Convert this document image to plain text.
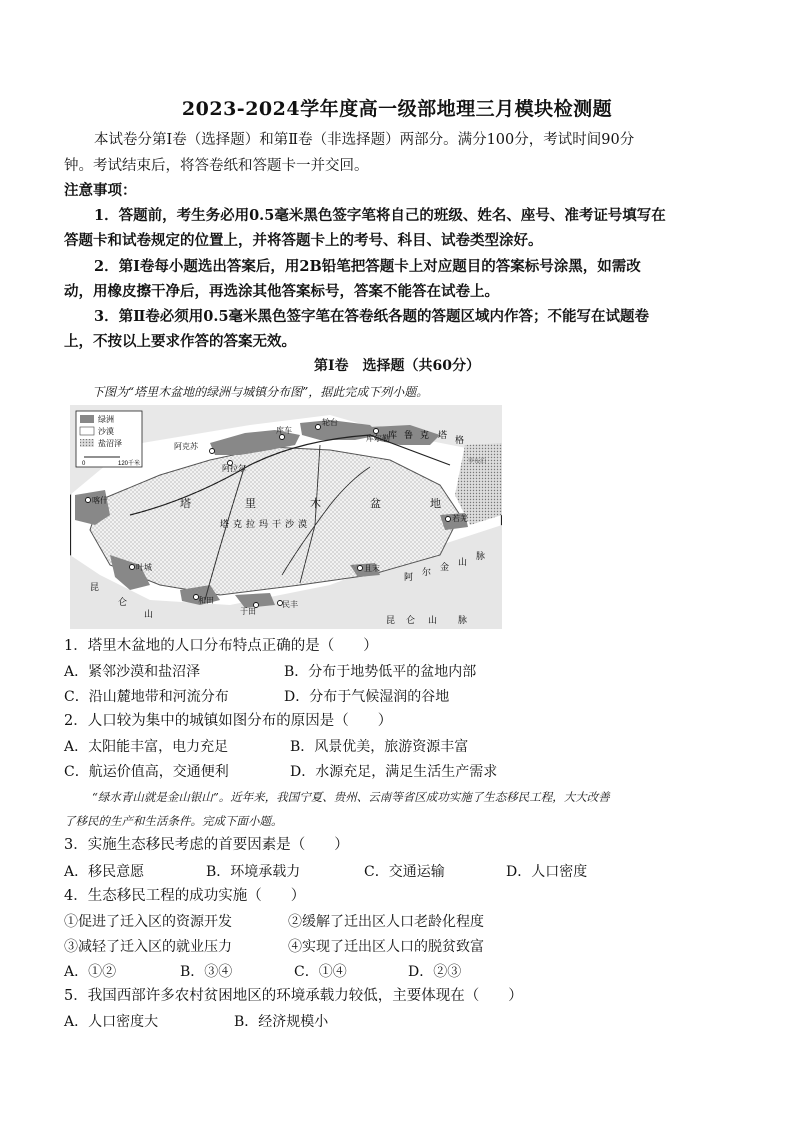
2023-2024学年度高一级部地理三月模块检测题
本试卷分第Ⅰ卷（选择题）和第Ⅱ卷（非选择题）两部分。满分100分，考试时间90分
钟。考试结束后，将答卷纸和答题卡一并交回。
注意事项：
1．答题前，考生务必用0.5毫米黑色签字笔将自己的班级、姓名、座号、准考证号填写在
答题卡和试卷规定的位置上，并将答题卡上的考号、科目、试卷类型涂好。
2．第Ⅰ卷每小题选出答案后，用2B铅笔把答题卡上对应题目的答案标号涂黑，如需改
动，用橡皮擦干净后，再选涂其他答案标号，答案不能答在试卷上。
3．第Ⅱ卷必须用0.5毫米黑色签字笔在答卷纸各题的答题区域内作答；不能写在试题卷
上，不按以上要求作答的答案无效。
第Ⅰ卷　选择题（共60分）
下图为“塔里木盆地的绿洲与城镇分布图”，据此完成下列小题。
绿洲
沙漠
盐沼泽
0	120千米
阿克苏
库车
轮台
库尔勒
阿拉尔
喀什
叶城
和田
于田
民丰
且末
若羌
罗布泊
塔	里	木	盆	地
塔克拉玛干沙漠
库 鲁 克 塔 格
昆 仑 山 脉
昆
仑
山
阿 尔 金 山
脉
1．塔里木盆地的人口分布特点正确的是（　　）
A．紧邻沙漠和盐沼泽	B．分布于地势低平的盆地内部
C．沿山麓地带和河流分布	D．分布于气候湿润的谷地
2．人口较为集中的城镇如图分布的原因是（　　）
A．太阳能丰富，电力充足	B．风景优美，旅游资源丰富
C．航运价值高，交通便利	D．水源充足，满足生活生产需求
“绿水青山就是金山银山”。近年来，我国宁夏、贵州、云南等省区成功实施了生态移民工程，大大改善
了移民的生产和生活条件。完成下面小题。
3．实施生态移民考虑的首要因素是（　　）
A．移民意愿	B．环境承载力	C．交通运输	D．人口密度
4．生态移民工程的成功实施（　　）
①促进了迁入区的资源开发	②缓解了迁出区人口老龄化程度
③减轻了迁入区的就业压力	④实现了迁出区人口的脱贫致富
A．①②	B．③④	C．①④	D．②③
5．我国西部许多农村贫困地区的环境承载力较低，主要体现在（　　）
A．人口密度大	B．经济规模小
